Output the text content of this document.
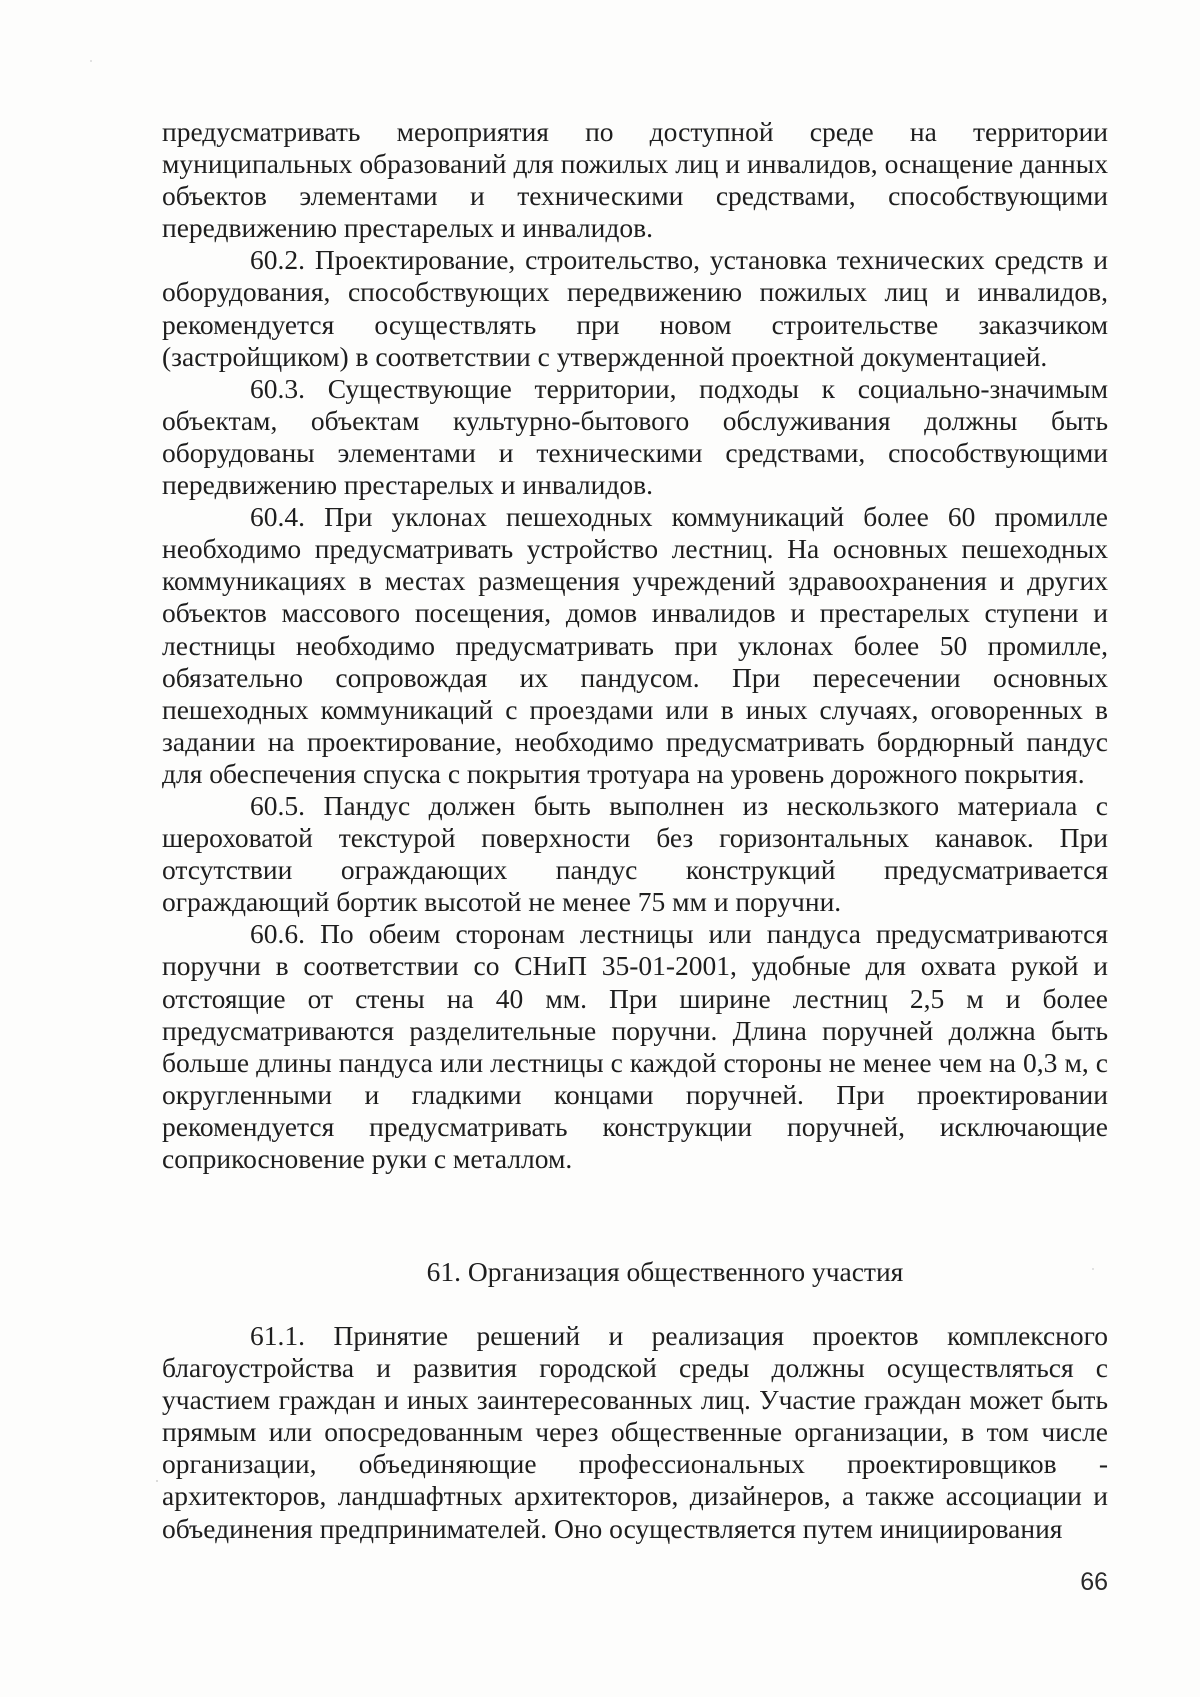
предусматривать мероприятия по доступной среде на территории муниципальных образований для пожилых лиц и инвалидов, оснащение данных объектов элементами и техническими средствами, способствующими передвижению престарелых и инвалидов.

60.2. Проектирование, строительство, установка технических средств и оборудования, способствующих передвижению пожилых лиц и инвалидов, рекомендуется осуществлять при новом строительстве заказчиком (застройщиком) в соответствии с утвержденной проектной документацией.

60.3. Существующие территории, подходы к социально-значимым объектам, объектам культурно-бытового обслуживания должны быть оборудованы элементами и техническими средствами, способствующими передвижению престарелых и инвалидов.

60.4. При уклонах пешеходных коммуникаций более 60 промилле необходимо предусматривать устройство лестниц. На основных пешеходных коммуникациях в местах размещения учреждений здравоохранения и других объектов массового посещения, домов инвалидов и престарелых ступени и лестницы необходимо предусматривать при уклонах более 50 промилле, обязательно сопровождая их пандусом. При пересечении основных пешеходных коммуникаций с проездами или в иных случаях, оговоренных в задании на проектирование, необходимо предусматривать бордюрный пандус для обеспечения спуска с покрытия тротуара на уровень дорожного покрытия.

60.5. Пандус должен быть выполнен из нескользкого материала с шероховатой текстурой поверхности без горизонтальных канавок. При отсутствии ограждающих пандус конструкций предусматривается ограждающий бортик высотой не менее 75 мм и поручни.

60.6. По обеим сторонам лестницы или пандуса предусматриваются поручни в соответствии со СНиП 35-01-2001, удобные для охвата рукой и отстоящие от стены на 40 мм. При ширине лестниц 2,5 м и более предусматриваются разделительные поручни. Длина поручней должна быть больше длины пандуса или лестницы с каждой стороны не менее чем на 0,3 м, с округленными и гладкими концами поручней. При проектировании рекомендуется предусматривать конструкции поручней, исключающие соприкосновение руки с металлом.

61. Организация общественного участия

61.1. Принятие решений и реализация проектов комплексного благоустройства и развития городской среды должны осуществляться с участием граждан и иных заинтересованных лиц. Участие граждан может быть прямым или опосредованным через общественные организации, в том числе организации, объединяющие профессиональных проектировщиков - архитекторов, ландшафтных архитекторов, дизайнеров, а также ассоциации и объединения предпринимателей. Оно осуществляется путем инициирования

66
